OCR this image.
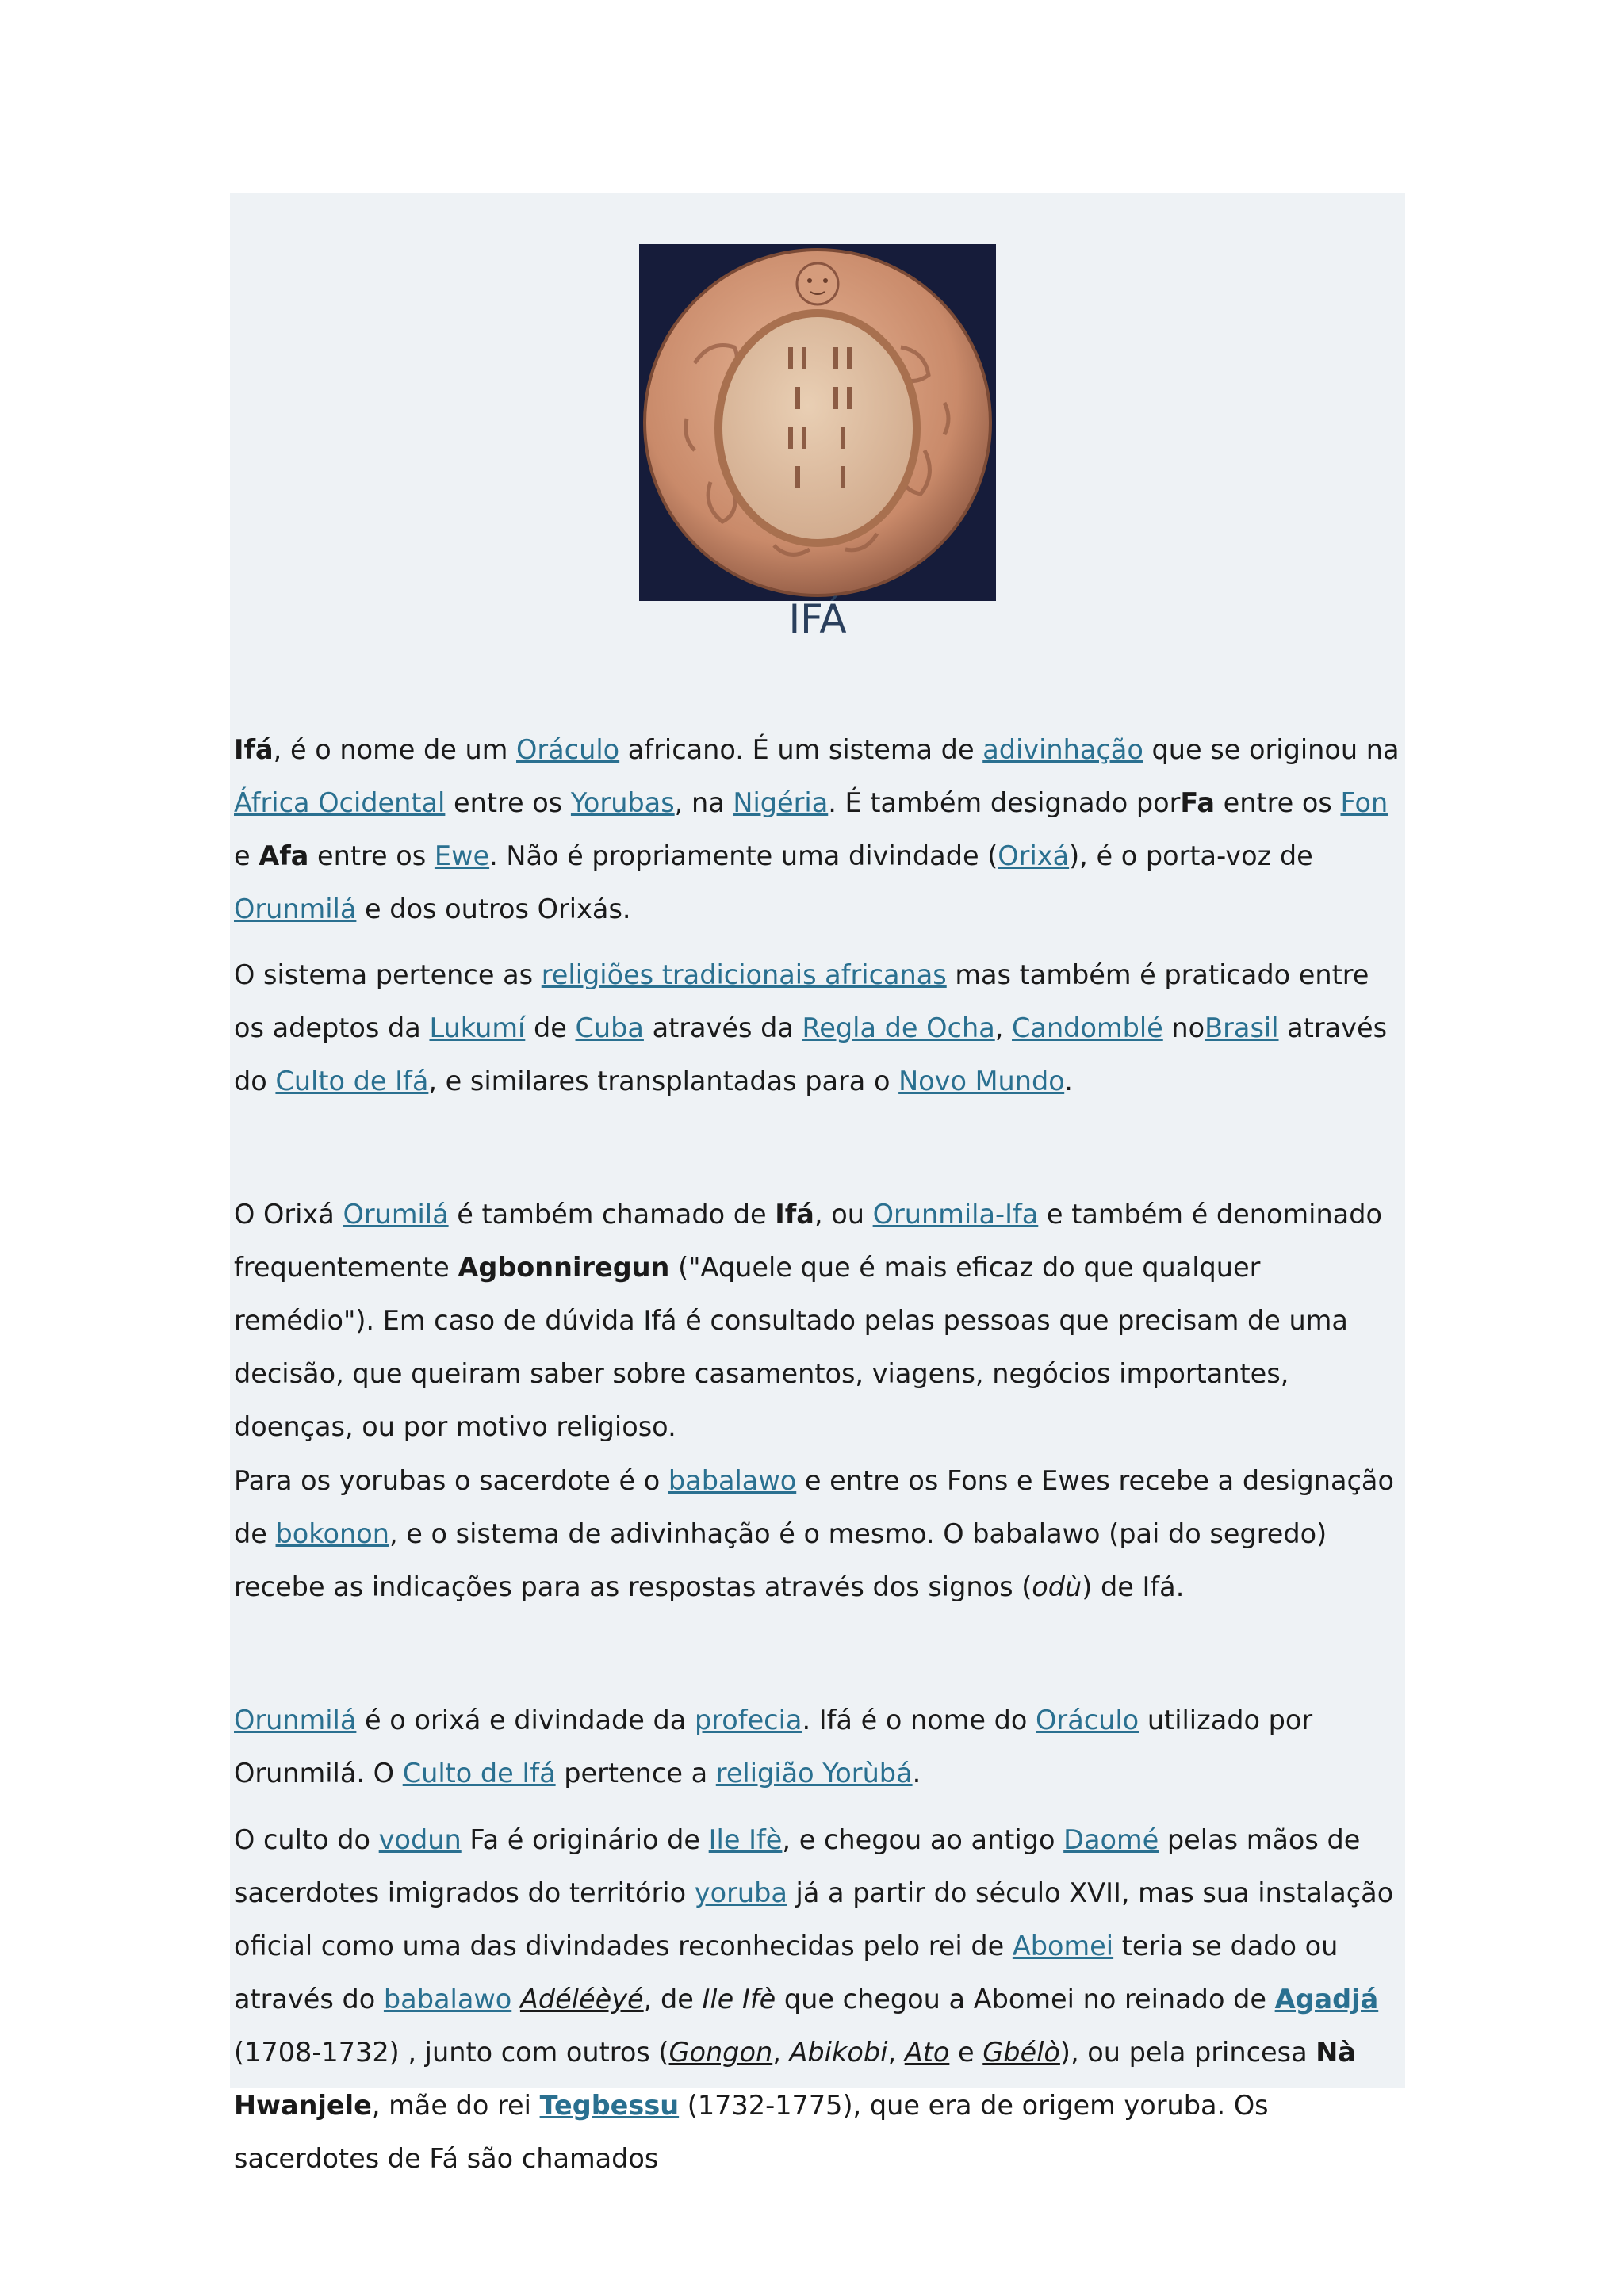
IFÁ

Ifá, é o nome de um Oráculo africano. É um sistema de adivinhação que se originou na África Ocidental entre os Yorubas, na Nigéria. É também designado porFa entre os Fon e Afa entre os Ewe. Não é propriamente uma divindade (Orixá), é o porta-voz de Orunmilá e dos outros Orixás.

O sistema pertence as religiões tradicionais africanas mas também é praticado entre os adeptos da Lukumí de Cuba através da Regla de Ocha, Candomblé noBrasil através do Culto de Ifá, e similares transplantadas para o Novo Mundo.

O Orixá Orumilá é também chamado de Ifá, ou Orunmila-Ifa e também é denominado frequentemente Agbonniregun ("Aquele que é mais eficaz do que qualquer remédio"). Em caso de dúvida Ifá é consultado pelas pessoas que precisam de uma decisão, que queiram saber sobre casamentos, viagens, negócios importantes, doenças, ou por motivo religioso.

Para os yorubas o sacerdote é o babalawo e entre os Fons e Ewes recebe a designação de bokonon, e o sistema de adivinhação é o mesmo. O babalawo (pai do segredo) recebe as indicações para as respostas através dos signos (odù) de Ifá.

Orunmilá é o orixá e divindade da profecia. Ifá é o nome do Oráculo utilizado por Orunmilá. O Culto de Ifá pertence a religião Yorùbá.

O culto do vodun Fa é originário de Ile Ifè, e chegou ao antigo Daomé pelas mãos de sacerdotes imigrados do território yoruba já a partir do século XVII, mas sua instalação oficial como uma das divindades reconhecidas pelo rei de Abomei teria se dado ou através do babalawo Adéléèyé, de Ile Ifè que chegou a Abomei no reinado de Agadjá (1708-1732) , junto com outros (Gongon, Abikobi, Ato e Gbélò), ou pela princesa Nà Hwanjele, mãe do rei Tegbessu (1732-1775), que era de origem yoruba. Os sacerdotes de Fá são chamados
